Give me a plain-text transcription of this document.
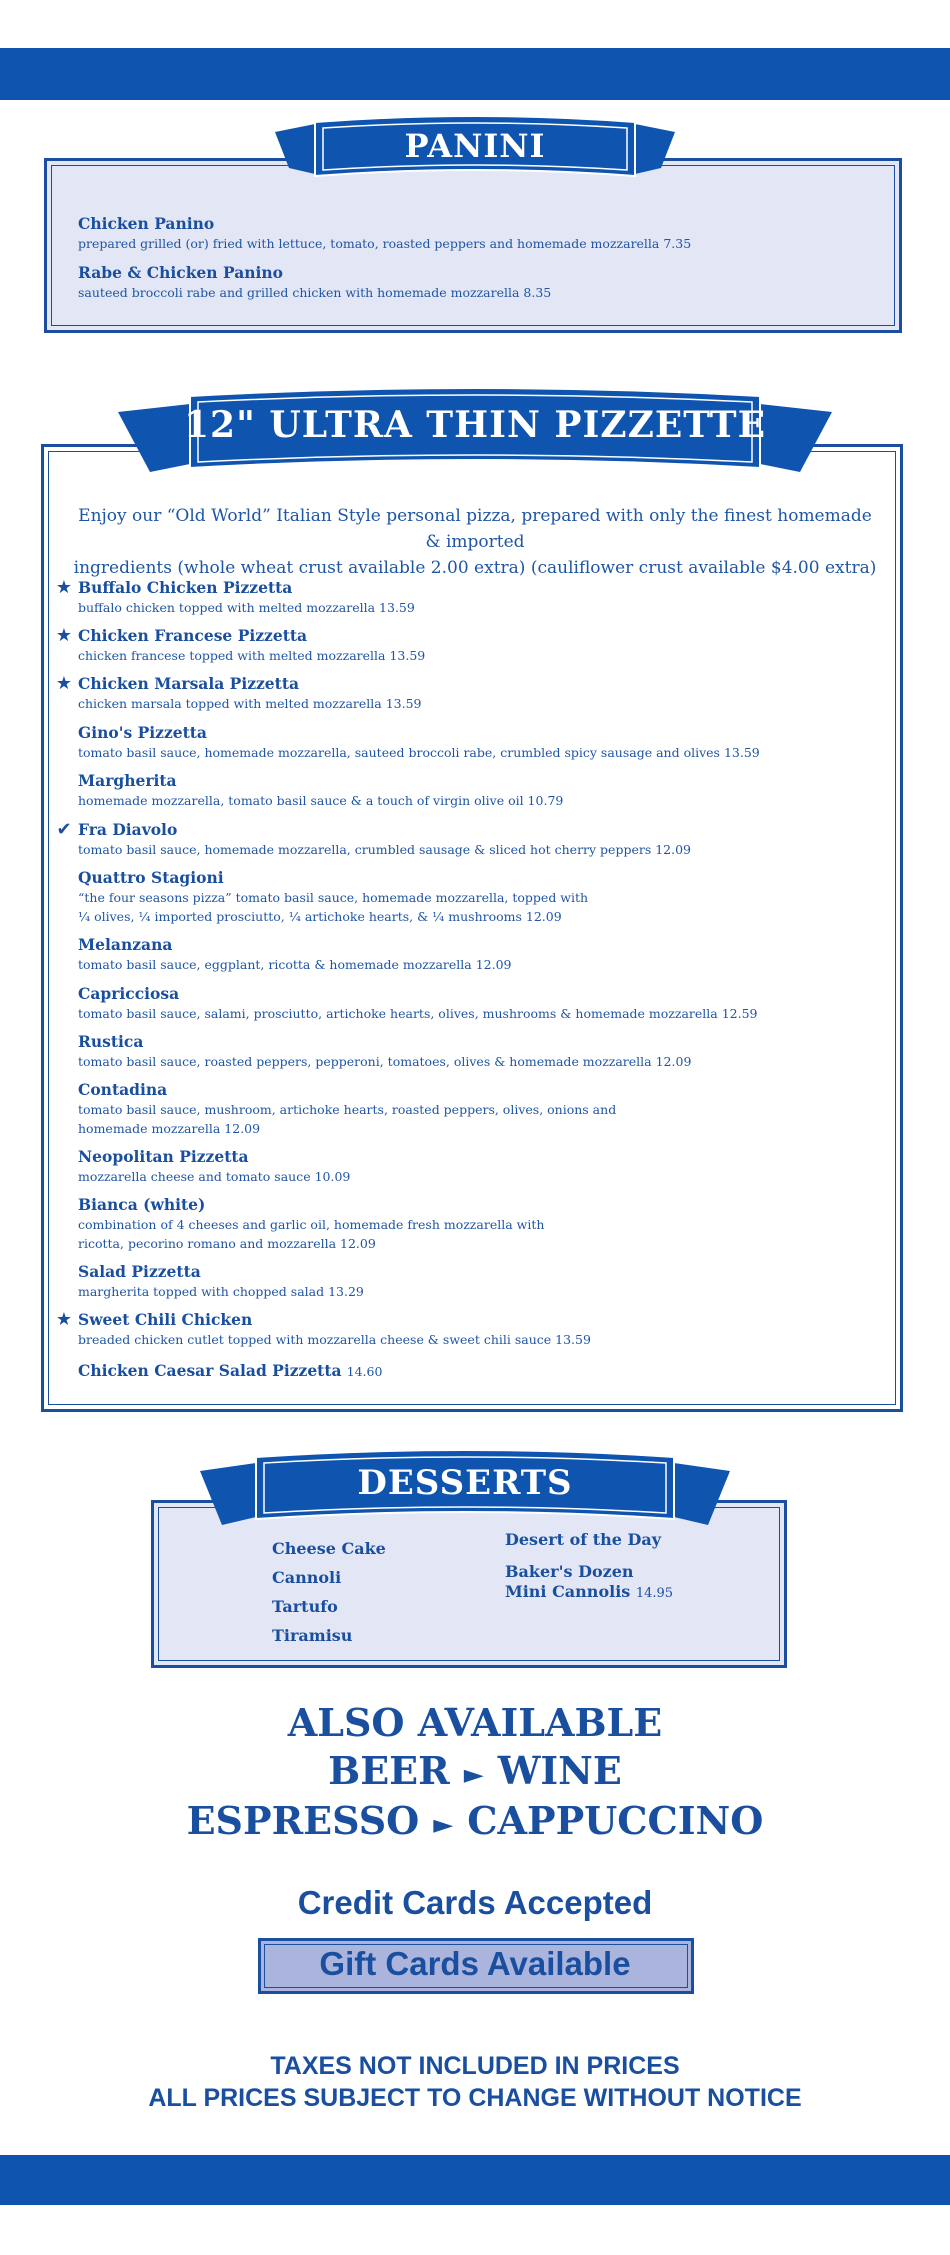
PANINI
Chicken Panino
prepared grilled (or) fried with lettuce, tomato, roasted peppers and homemade mozzarella 7.35
Rabe & Chicken Panino
sauteed broccoli rabe and grilled chicken with homemade mozzarella 8.35
12" ULTRA THIN PIZZETTE
Enjoy our “Old World” Italian Style personal pizza, prepared with only the finest homemade & imported
ingredients (whole wheat crust available 2.00 extra) (cauliflower crust available $4.00 extra)
★ Buffalo Chicken Pizzetta
buffalo chicken topped with melted mozzarella 13.59
★ Chicken Francese Pizzetta
chicken francese topped with melted mozzarella 13.59
★ Chicken Marsala Pizzetta
chicken marsala topped with melted mozzarella 13.59
Gino's Pizzetta
tomato basil sauce, homemade mozzarella, sauteed broccoli rabe, crumbled spicy sausage and olives 13.59
Margherita
homemade mozzarella, tomato basil sauce & a touch of virgin olive oil 10.79
✔ Fra Diavolo
tomato basil sauce, homemade mozzarella, crumbled sausage & sliced hot cherry peppers 12.09
Quattro Stagioni
“the four seasons pizza” tomato basil sauce, homemade mozzarella, topped with
¼ olives, ¼ imported prosciutto, ¼ artichoke hearts, & ¼ mushrooms 12.09
Melanzana
tomato basil sauce, eggplant, ricotta & homemade mozzarella 12.09
Capricciosa
tomato basil sauce, salami, prosciutto, artichoke hearts, olives, mushrooms & homemade mozzarella 12.59
Rustica
tomato basil sauce, roasted peppers, pepperoni, tomatoes, olives & homemade mozzarella 12.09
Contadina
tomato basil sauce, mushroom, artichoke hearts, roasted peppers, olives, onions and
homemade mozzarella 12.09
Neopolitan Pizzetta
mozzarella cheese and tomato sauce 10.09
Bianca (white)
combination of 4 cheeses and garlic oil, homemade fresh mozzarella with
ricotta, pecorino romano and mozzarella 12.09
Salad Pizzetta
margherita topped with chopped salad 13.29
★ Sweet Chili Chicken
breaded chicken cutlet topped with mozzarella cheese & sweet chili sauce 13.59
Chicken Caesar Salad Pizzetta 14.60
DESSERTS
Cheese Cake
Cannoli
Tartufo
Tiramisu
Desert of the Day
Baker's Dozen
Mini Cannolis 14.95
ALSO AVAILABLE
BEER ► WINE
ESPRESSO ► CAPPUCCINO
Credit Cards Accepted
Gift Cards Available
TAXES NOT INCLUDED IN PRICES
ALL PRICES SUBJECT TO CHANGE WITHOUT NOTICE
